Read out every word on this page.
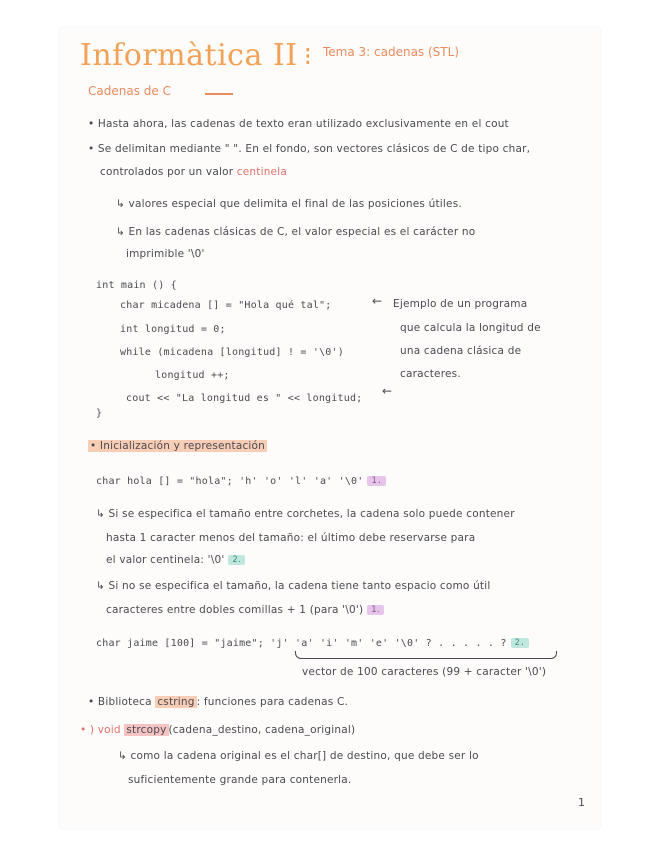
Informàtica II ⁝ Tema 3: cadenas (STL)
Cadenas de C
• Hasta ahora, las cadenas de texto eran utilizado exclusivamente en el cout
• Se delimitan mediante " ". En el fondo, son vectores clásicos de C de tipo char,
controlados por un valor centinela
↳ valores especial que delimita el final de las posiciones útiles.
↳ En las cadenas clásicas de C, el valor especial es el carácter no
imprimible '\0'
int main () {
char micadena [] = "Hola qué tal";
int longitud = 0;
while (micadena [longitud] ! = '\0')
longitud ++;
cout << "La longitud es " << longitud;
}
←
←
Ejemplo de un programa
que calcula la longitud de
una cadena clásica de
caracteres.
• Inicialización y representación
char hola [] = "hola"; 'h' 'o' 'l' 'a' '\0' 1.
↳ Si se especifica el tamaño entre corchetes, la cadena solo puede contener
hasta 1 caracter menos del tamaño: el último debe reservarse para
el valor centinela: '\0' 2.
↳ Si no se especifica el tamaño, la cadena tiene tanto espacio como útil
caracteres entre dobles comillas + 1 (para '\0') 1.
char jaime [100] = "jaime"; 'j' 'a' 'i' 'm' 'e' '\0' ? . . . . . ? 2.
vector de 100 caracteres (99 + caracter '\0')
• Biblioteca cstring : funciones para cadenas C.
• ) void strcopy (cadena_destino, cadena_original)
↳ como la cadena original es el char[] de destino, que debe ser lo
suficientemente grande para contenerla.
1
